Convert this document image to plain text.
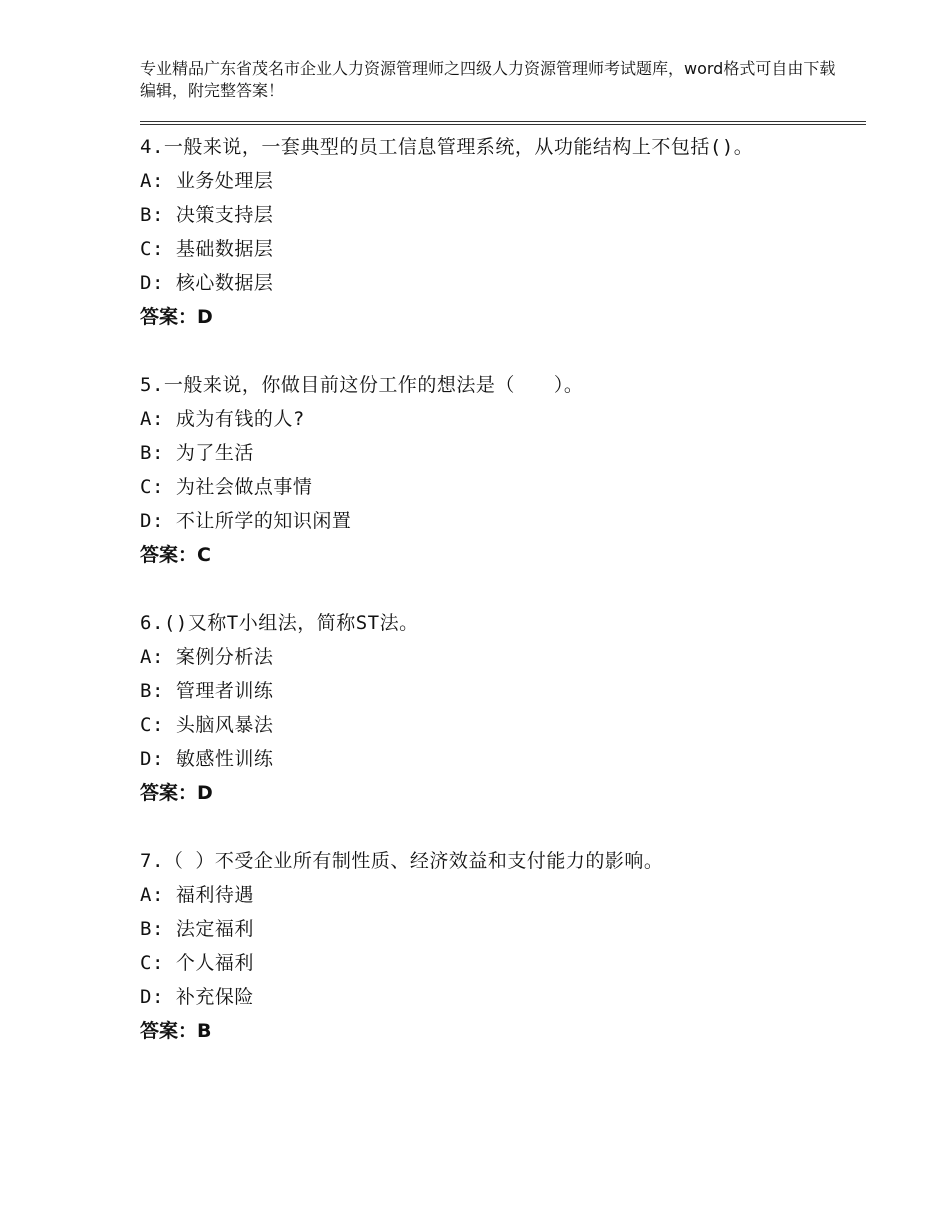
专业精品广东省茂名市企业人力资源管理师之四级人力资源管理师考试题库，word格式可自由下载编辑，附完整答案！
4.一般来说，一套典型的员工信息管理系统，从功能结构上不包括()。
A: 业务处理层
B: 决策支持层
C: 基础数据层
D: 核心数据层
答案：D
5.一般来说，你做目前这份工作的想法是（　　）。
A: 成为有钱的人?
B: 为了生活
C: 为社会做点事情
D: 不让所学的知识闲置
答案：C
6.()又称T小组法，简称ST法。
A: 案例分析法
B: 管理者训练
C: 头脑风暴法
D: 敏感性训练
答案：D
7.（ ）不受企业所有制性质、经济效益和支付能力的影响。
A: 福利待遇
B: 法定福利
C: 个人福利
D: 补充保险
答案：B
